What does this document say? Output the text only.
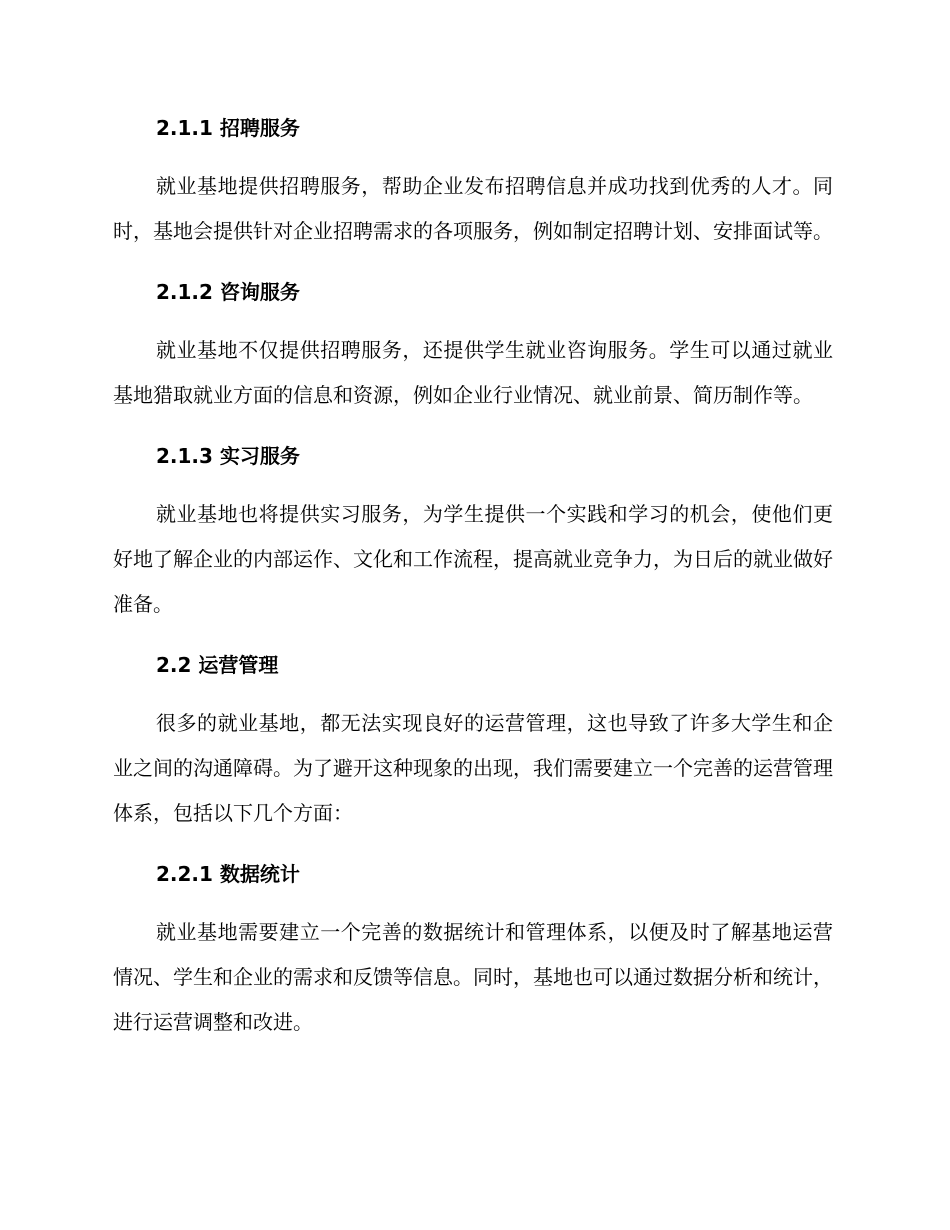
2.1.1 招聘服务

就业基地提供招聘服务，帮助企业发布招聘信息并成功找到优秀的人才。同时，基地会提供针对企业招聘需求的各项服务，例如制定招聘计划、安排面试等。

2.1.2 咨询服务

就业基地不仅提供招聘服务，还提供学生就业咨询服务。学生可以通过就业基地猎取就业方面的信息和资源，例如企业行业情况、就业前景、简历制作等。

2.1.3 实习服务

就业基地也将提供实习服务，为学生提供一个实践和学习的机会，使他们更好地了解企业的内部运作、文化和工作流程，提高就业竞争力，为日后的就业做好准备。

2.2 运营管理

很多的就业基地，都无法实现良好的运营管理，这也导致了许多大学生和企业之间的沟通障碍。为了避开这种现象的出现，我们需要建立一个完善的运营管理体系，包括以下几个方面：

2.2.1 数据统计

就业基地需要建立一个完善的数据统计和管理体系，以便及时了解基地运营情况、学生和企业的需求和反馈等信息。同时，基地也可以通过数据分析和统计，进行运营调整和改进。
